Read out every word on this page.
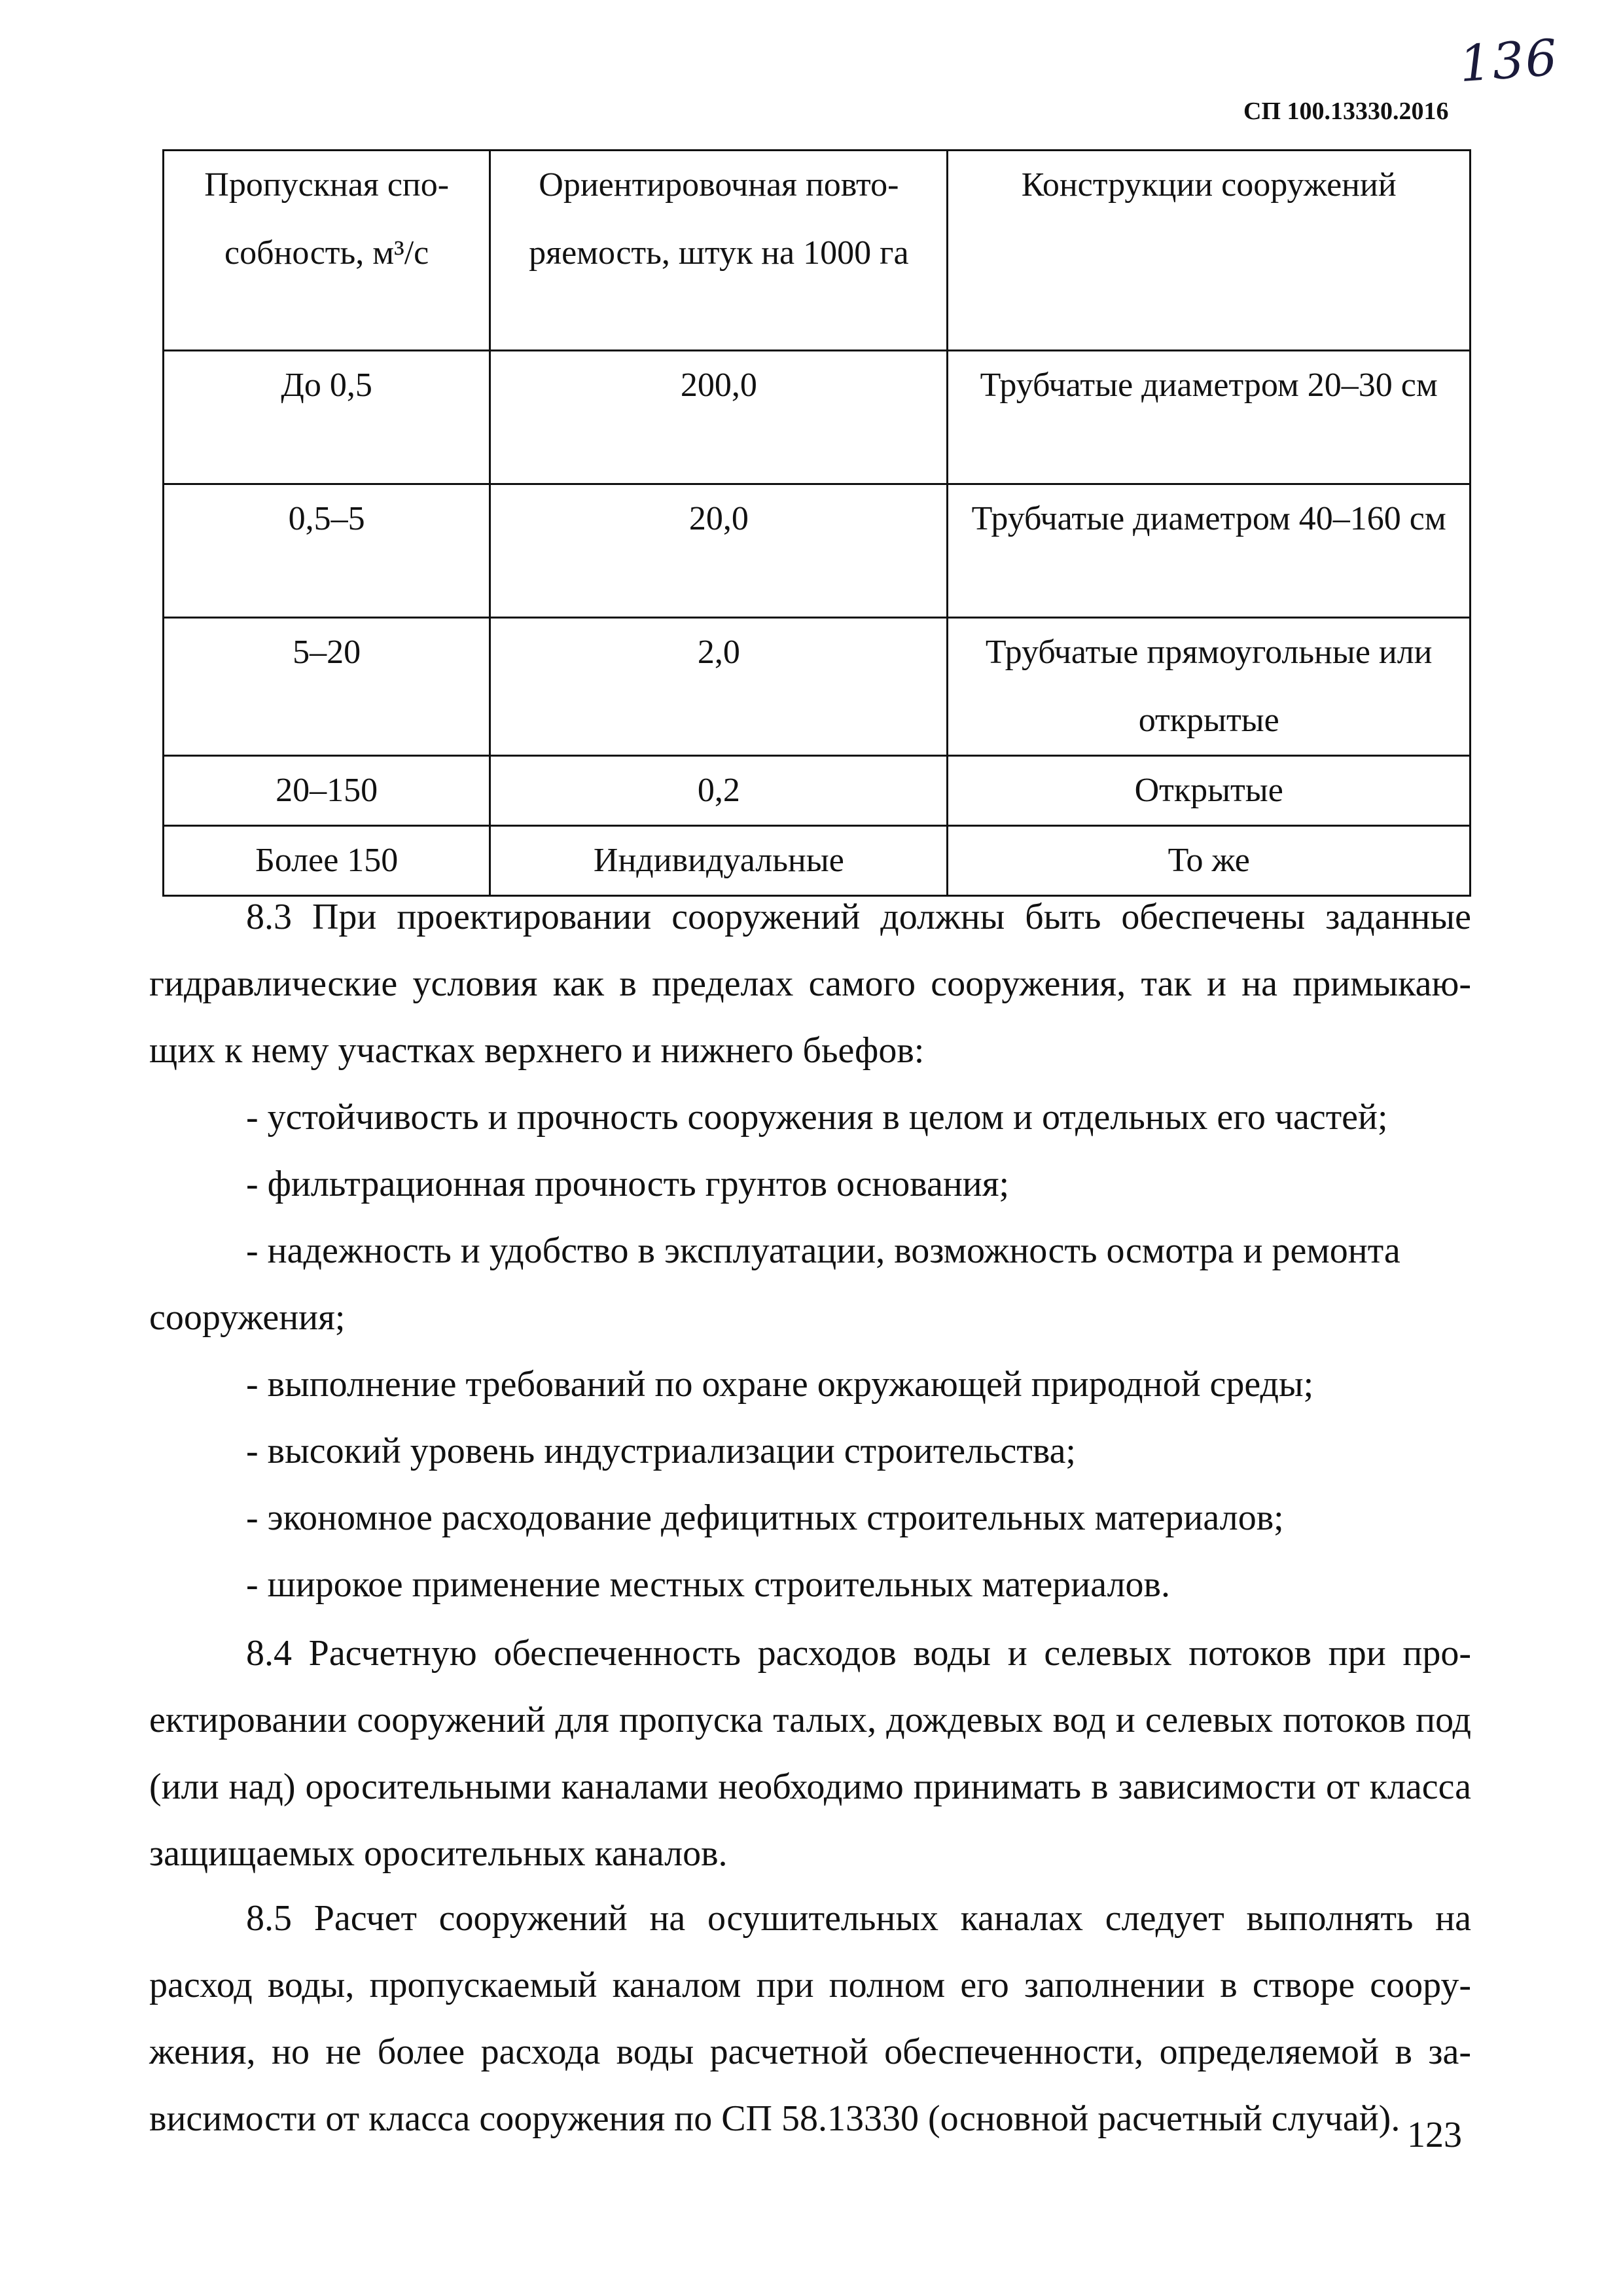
136
СП 100.13330.2016
Пропускная спо- собность, м³/с	Ориентировочная повто- ряемость, штук на 1000 га	Конструкции сооружений
До 0,5	200,0	Трубчатые диаметром 20–30 см
0,5–5	20,0	Трубчатые диаметром 40–160 см
5–20	2,0	Трубчатые прямоугольные или открытые
20–150	0,2	Открытые
Более 150	Индивидуальные	То же

8.3 При проектировании сооружений должны быть обеспечены заданные гидравлические условия как в пределах самого сооружения, так и на примыкаю- щих к нему участках верхнего и нижнего бьефов:

- устойчивость и прочность сооружения в целом и отдельных его частей;

- фильтрационная прочность грунтов основания;

- надежность и удобство в эксплуатации, возможность осмотра и ремонта сооружения;

- выполнение требований по охране окружающей природной среды;

- высокий уровень индустриализации строительства;

- экономное расходование дефицитных строительных материалов;

- широкое применение местных строительных материалов.

8.4 Расчетную обеспеченность расходов воды и селевых потоков при про- ектировании сооружений для пропуска талых, дождевых вод и селевых потоков под (или над) оросительными каналами необходимо принимать в зависимости от класса защищаемых оросительных каналов.

8.5 Расчет сооружений на осушительных каналах следует выполнять на расход воды, пропускаемый каналом при полном его заполнении в створе соору- жения, но не более расхода воды расчетной обеспеченности, определяемой в за- висимости от класса сооружения по СП 58.13330 (основной расчетный случай). 123
